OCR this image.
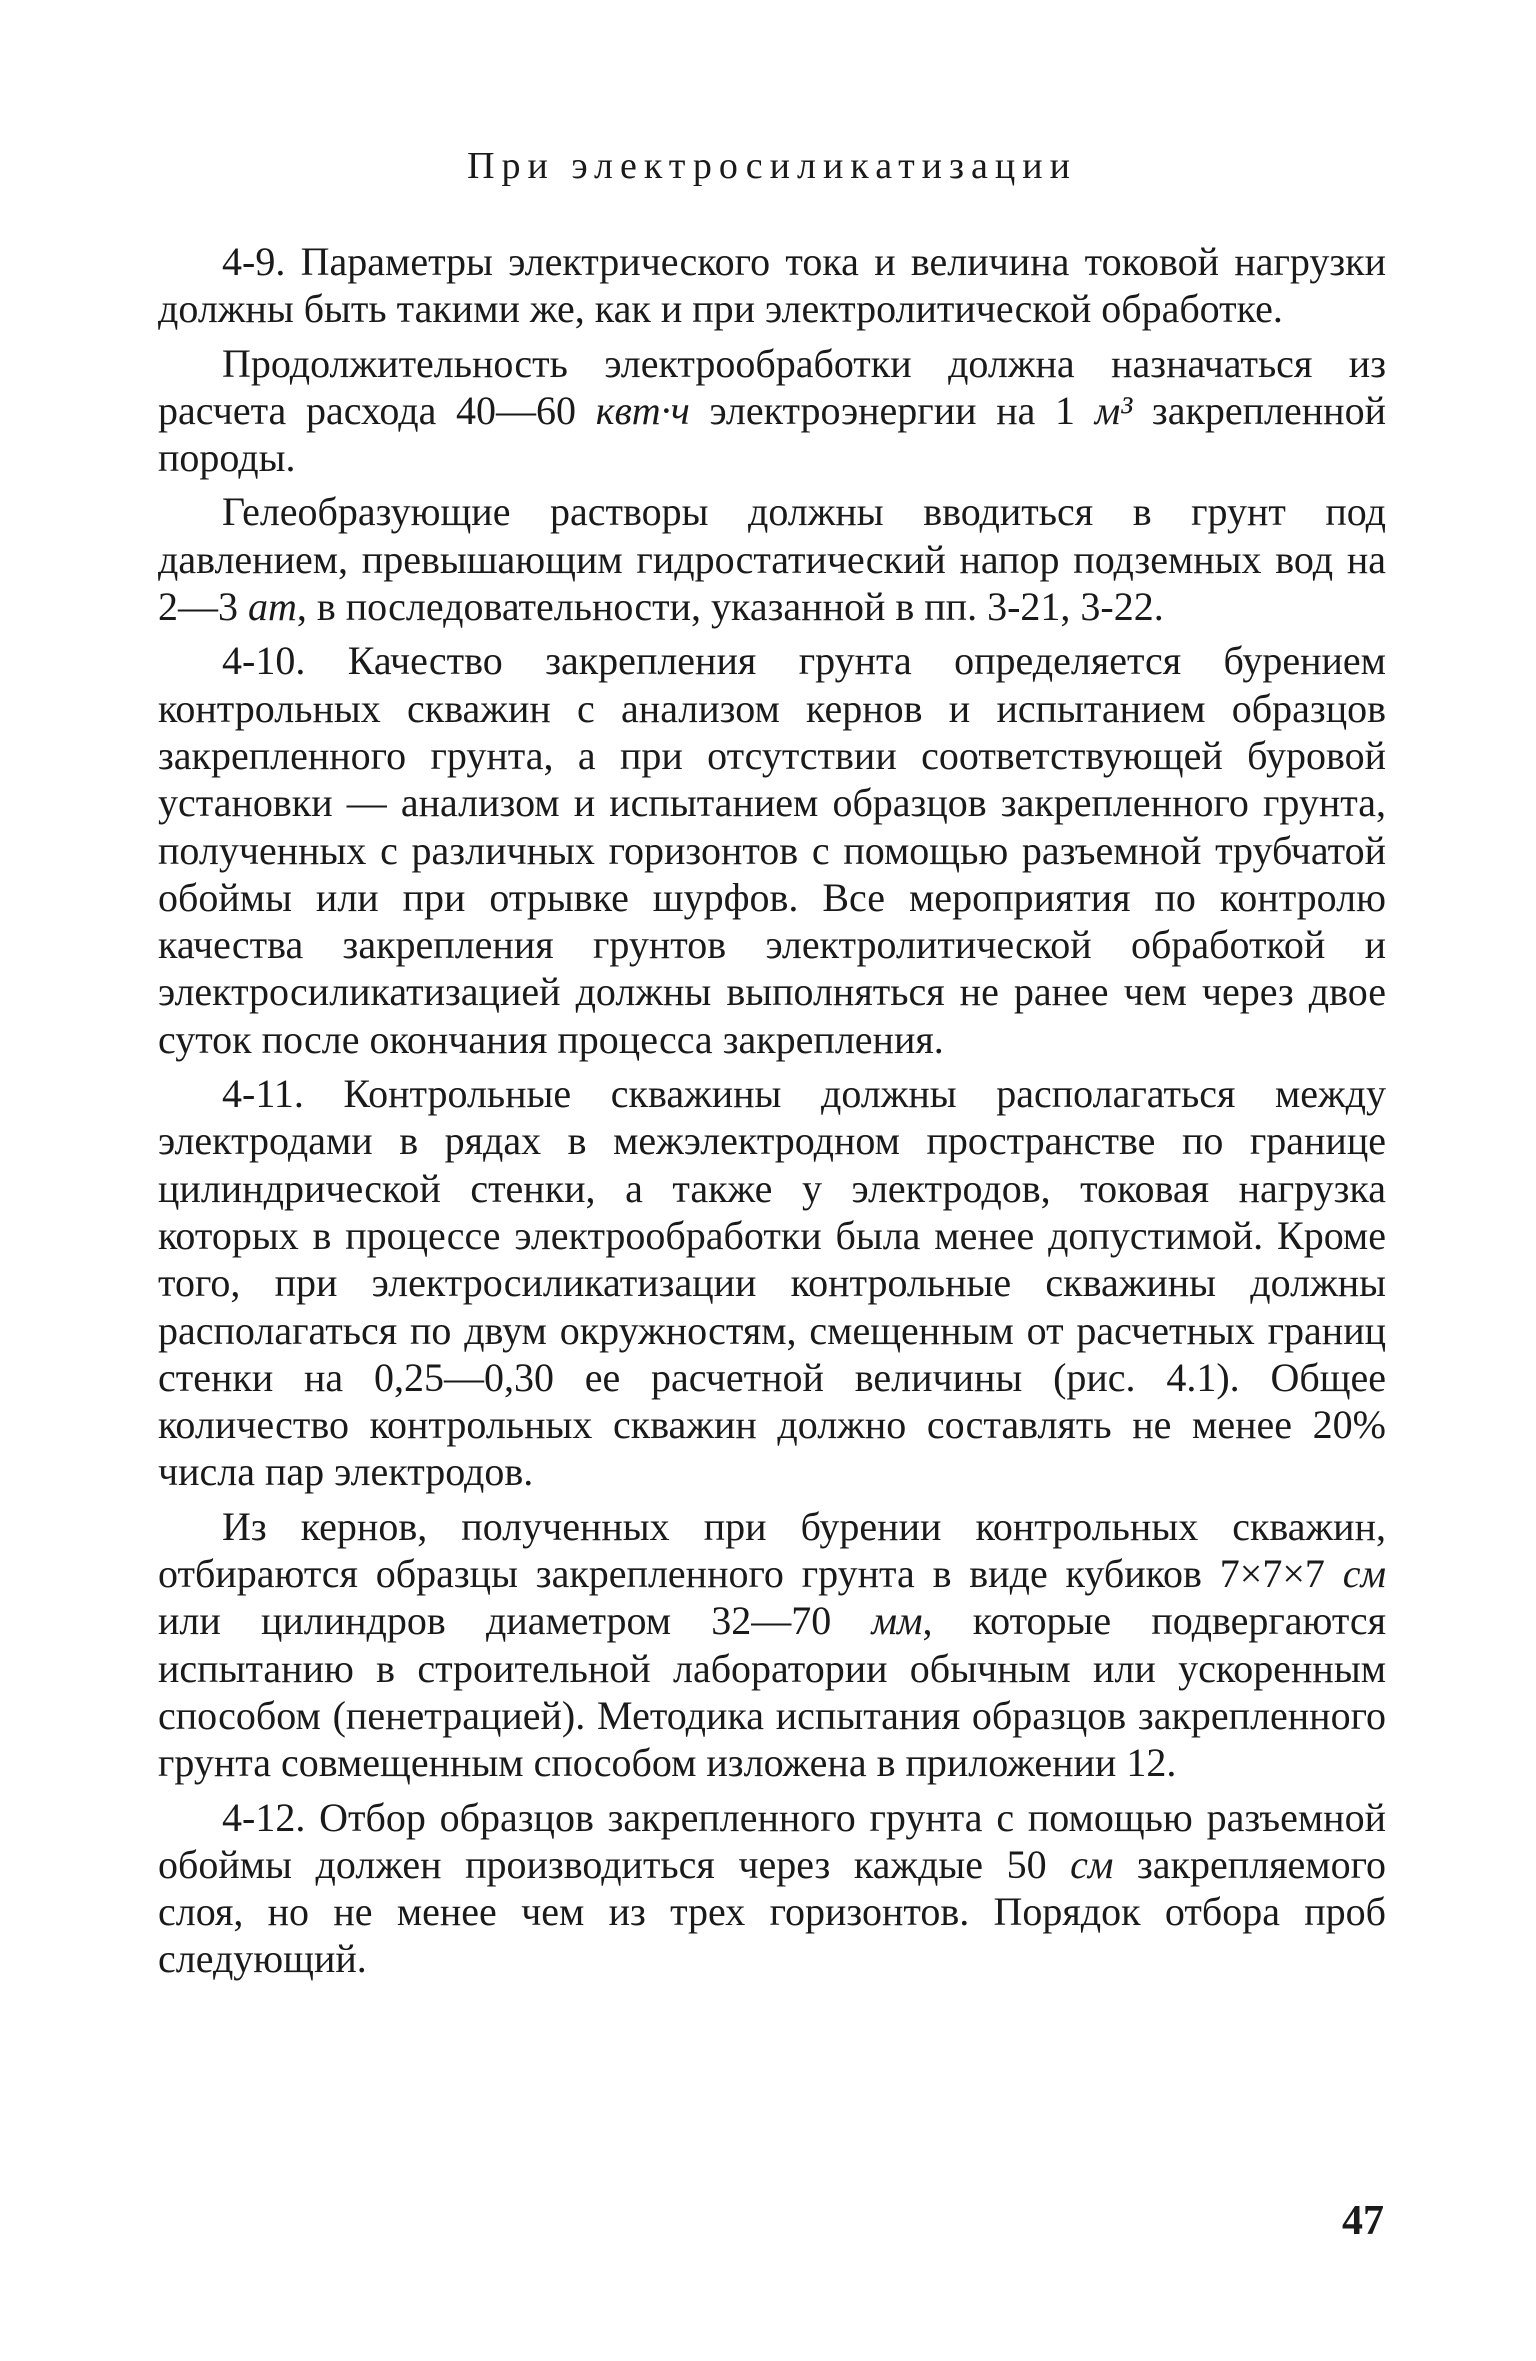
При электросиликатизации

4-9. Параметры электрического тока и величина токовой нагрузки должны быть такими же, как и при электролитической обработке.

Продолжительность электрообработки должна назначаться из расчета расхода 40—60 квт·ч электроэнергии на 1 м³ закрепленной породы.

Гелеобразующие растворы должны вводиться в грунт под давлением, превышающим гидростатический напор подземных вод на 2—3 ат, в последовательности, указанной в пп. 3-21, 3-22.

4-10. Качество закрепления грунта определяется бурением контрольных скважин с анализом кернов и испытанием образцов закрепленного грунта, а при отсутствии соответствующей буровой установки — анализом и испытанием образцов закрепленного грунта, полученных с различных горизонтов с помощью разъемной трубчатой обоймы или при отрывке шурфов. Все мероприятия по контролю качества закрепления грунтов электролитической обработкой и электросиликатизацией должны выполняться не ранее чем через двое суток после окончания процесса закрепления.

4-11. Контрольные скважины должны располагаться между электродами в рядах в межэлектродном пространстве по границе цилиндрической стенки, а также у электродов, токовая нагрузка которых в процессе электрообработки была менее допустимой. Кроме того, при электросиликатизации контрольные скважины должны располагаться по двум окружностям, смещенным от расчетных границ стенки на 0,25—0,30 ее расчетной величины (рис. 4.1). Общее количество контрольных скважин должно составлять не менее 20% числа пар электродов.

Из кернов, полученных при бурении контрольных скважин, отбираются образцы закрепленного грунта в виде кубиков 7×7×7 см или цилиндров диаметром 32—70 мм, которые подвергаются испытанию в строительной лаборатории обычным или ускоренным способом (пенетрацией). Методика испытания образцов закрепленного грунта совмещенным способом изложена в приложении 12.

4-12. Отбор образцов закрепленного грунта с помощью разъемной обоймы должен производиться через каждые 50 см закрепляемого слоя, но не менее чем из трех горизонтов. Порядок отбора проб следующий.

47
